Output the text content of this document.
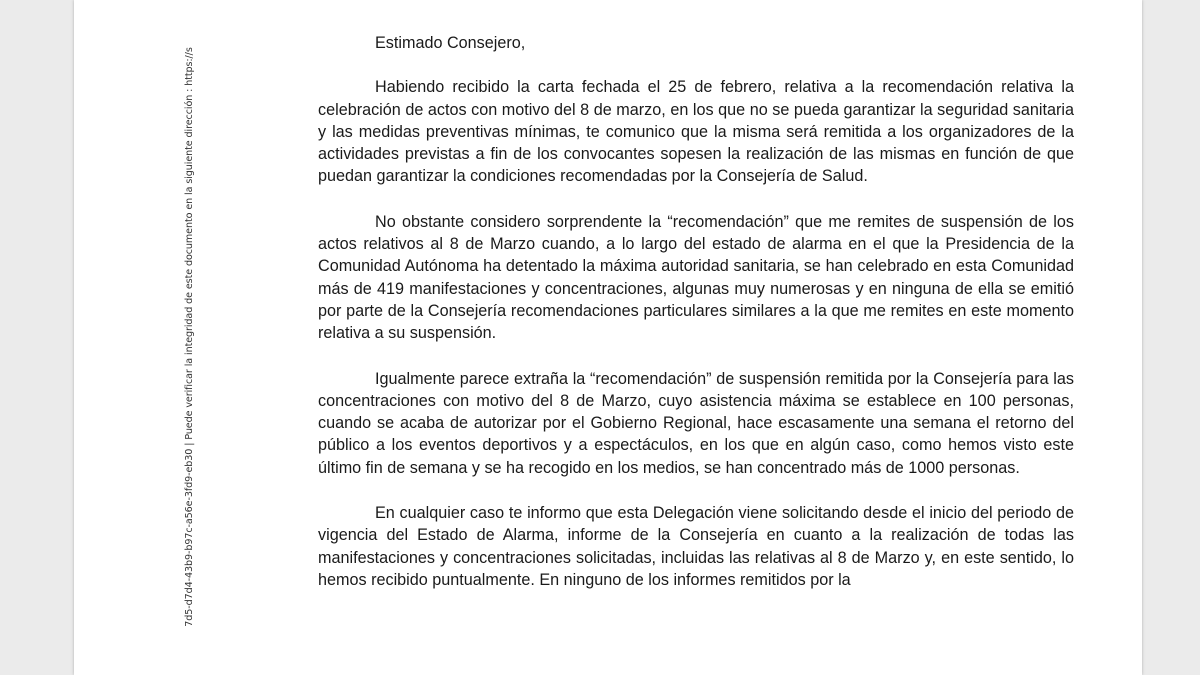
7d5-d7d4-43b9-b97c-a56e-3fd9-eb30 | Puede verificar la integridad de este documento en la siguiente dirección : https://s
Estimado Consejero,

Habiendo recibido la carta fechada el 25 de febrero, relativa a la recomendación relativa la celebración de actos con motivo del 8 de marzo, en los que no se pueda garantizar la seguridad sanitaria y las medidas preventivas mínimas, te comunico que la misma será remitida a los organizadores de la actividades previstas a fin de los convocantes sopesen la realización de las mismas en función de que puedan garantizar la condiciones recomendadas por la Consejería de Salud.

No obstante considero sorprendente la “recomendación” que me remites de suspensión de los actos relativos al 8 de Marzo cuando, a lo largo del estado de alarma en el que la Presidencia de la Comunidad Autónoma ha detentado la máxima autoridad sanitaria, se han celebrado en esta Comunidad más de 419 manifestaciones y concentraciones, algunas muy numerosas y en ninguna de ella se emitió por parte de la Consejería recomendaciones particulares similares a la que me remites en este momento relativa a su suspensión.

Igualmente parece extraña la “recomendación” de suspensión remitida por la Consejería para las concentraciones con motivo del 8 de Marzo, cuyo asistencia máxima se establece en 100 personas, cuando se acaba de autorizar por el Gobierno Regional, hace escasamente una semana el retorno del público a los eventos deportivos y a espectáculos, en los que en algún caso, como hemos visto este último fin de semana y se ha recogido en los medios, se han concentrado más de 1000 personas.

En cualquier caso te informo que esta Delegación viene solicitando desde el inicio del periodo de vigencia del Estado de Alarma, informe de la Consejería en cuanto a la realización de todas las manifestaciones y concentraciones solicitadas, incluidas las relativas al 8 de Marzo y, en este sentido, lo hemos recibido puntualmente. En ninguno de los informes remitidos por la
